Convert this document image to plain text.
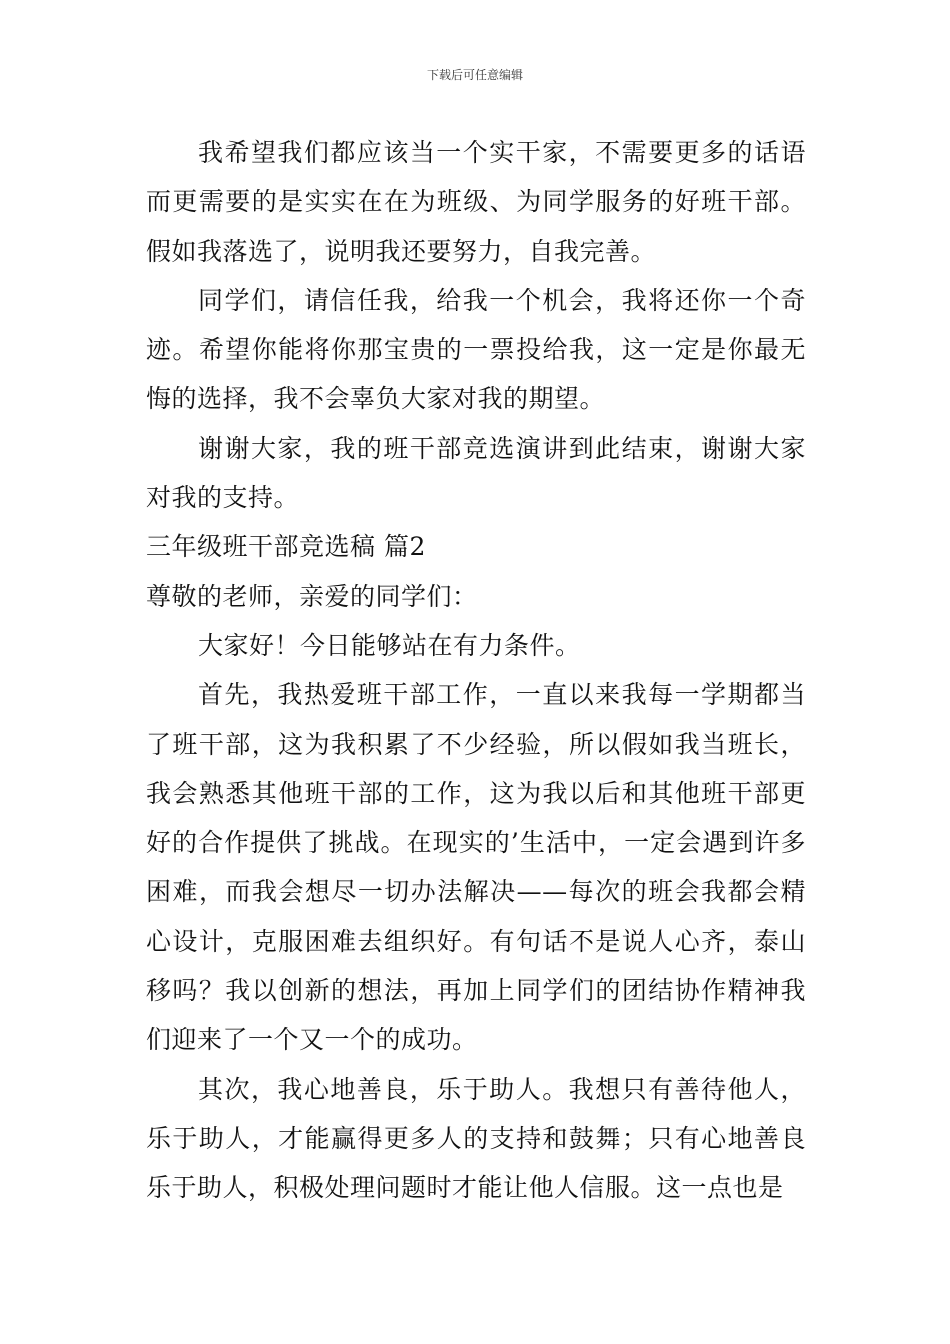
下载后可任意编辑

我希望我们都应该当一个实干家，不需要更多的话语而更需要的是实实在在为班级、为同学服务的好班干部。假如我落选了，说明我还要努力，自我完善。

同学们，请信任我，给我一个机会，我将还你一个奇迹。希望你能将你那宝贵的一票投给我，这一定是你最无悔的选择，我不会辜负大家对我的期望。

谢谢大家，我的班干部竞选演讲到此结束，谢谢大家对我的支持。

三年级班干部竞选稿 篇2

尊敬的老师，亲爱的同学们：

大家好！今日能够站在有力条件。

首先，我热爱班干部工作，一直以来我每一学期都当了班干部，这为我积累了不少经验，所以假如我当班长，我会熟悉其他班干部的工作，这为我以后和其他班干部更好的合作提供了挑战。在现实的’生活中，一定会遇到许多困难，而我会想尽一切办法解决——每次的班会我都会精心设计，克服困难去组织好。有句话不是说人心齐，泰山移吗？我以创新的想法，再加上同学们的团结协作精神我们迎来了一个又一个的成功。

其次，我心地善良，乐于助人。我想只有善待他人，乐于助人，才能赢得更多人的支持和鼓舞；只有心地善良乐于助人，积极处理问题时才能让他人信服。这一点也是
